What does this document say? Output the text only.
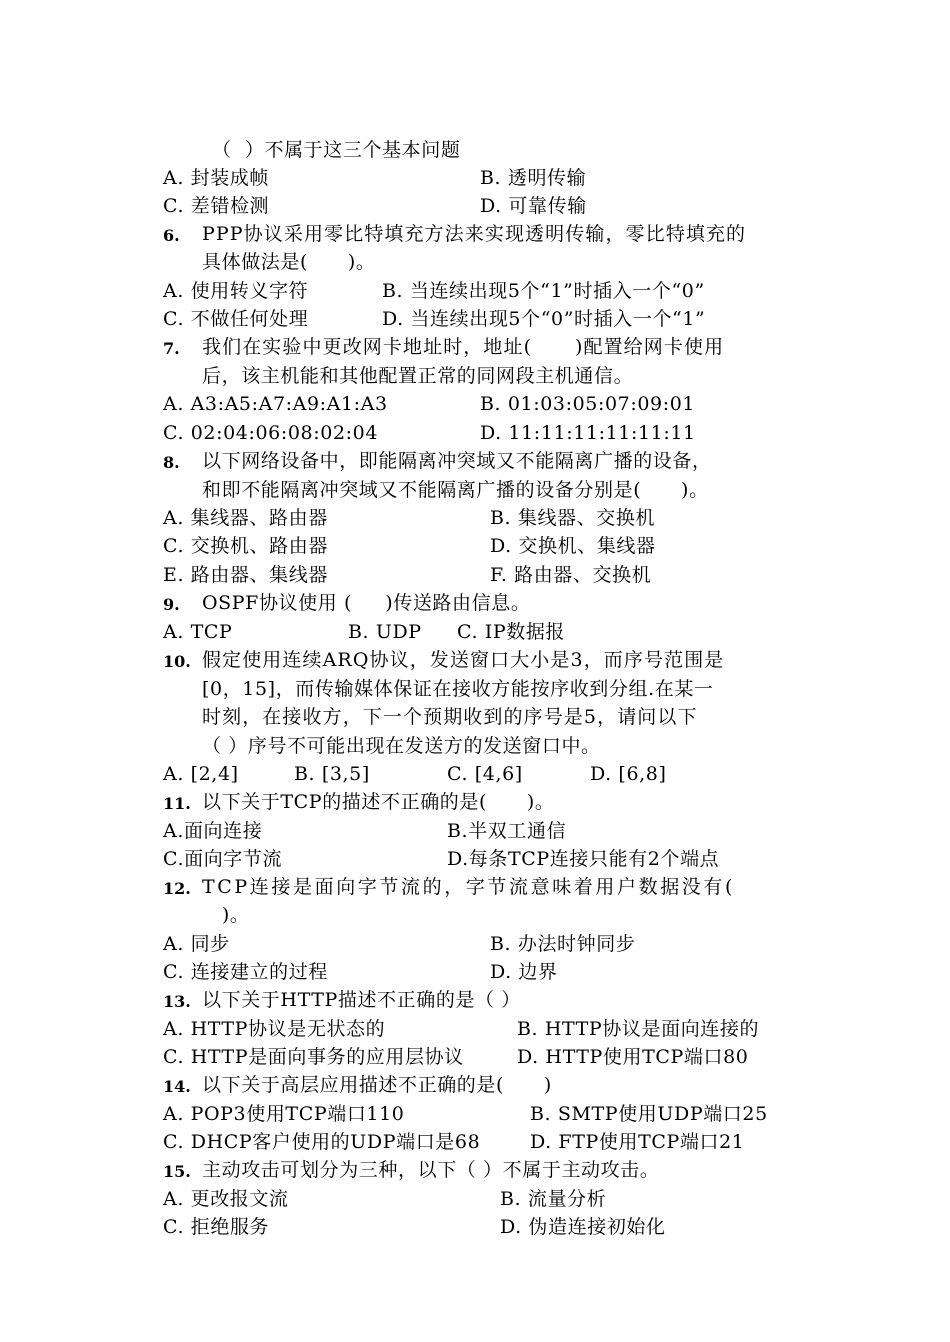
（  ）不属于这三个基本问题
A. 封装成帧	B. 透明传输
C. 差错检测	D. 可靠传输
6. PPP协议采用零比特填充方法来实现透明传输，零比特填充的
具体做法是(      )。
A. 使用转义字符	B. 当连续出现5个“1”时插入一个“0”
C. 不做任何处理	D. 当连续出现5个“0”时插入一个“1”
7. 我们在实验中更改网卡地址时，地址(      )配置给网卡使用
后，该主机能和其他配置正常的同网段主机通信。
A. A3:A5:A7:A9:A1:A3	B. 01:03:05:07:09:01
C. 02:04:06:08:02:04	D. 11:11:11:11:11:11
8. 以下网络设备中，即能隔离冲突域又不能隔离广播的设备，
和即不能隔离冲突域又不能隔离广播的设备分别是(      )。
A. 集线器、路由器	B. 集线器、交换机
C. 交换机、路由器	D. 交换机、集线器
E. 路由器、集线器	F. 路由器、交换机
9. OSPF协议使用 (     )传送路由信息。
A. TCP	B. UDP C. IP数据报
10. 假定使用连续ARQ协议，发送窗口大小是3，而序号范围是
[0，15]，而传输媒体保证在接收方能按序收到分组.在某一
时刻，在接收方，下一个预期收到的序号是5，请问以下
（ ）序号不可能出现在发送方的发送窗口中。
A. [2,4]	B. [3,5]	C. [4,6]	D. [6,8]
11. 以下关于TCP的描述不正确的是(      )。
A.面向连接	B.半双工通信
C.面向字节流	D.每条TCP连接只能有2个端点
12. TCP连接是面向字节流的，字节流意味着用户数据没有(
)。
A. 同步	B. 办法时钟同步
C. 连接建立的过程	D. 边界
13. 以下关于HTTP描述不正确的是（ ）
A. HTTP协议是无状态的	B. HTTP协议是面向连接的
C. HTTP是面向事务的应用层协议	D. HTTP使用TCP端口80
14. 以下关于高层应用描述不正确的是(      )
A. POP3使用TCP端口110	B. SMTP使用UDP端口25
C. DHCP客户使用的UDP端口是68	D. FTP使用TCP端口21
15. 主动攻击可划分为三种，以下（ ）不属于主动攻击。
A. 更改报文流	B. 流量分析
C. 拒绝服务	D. 伪造连接初始化
